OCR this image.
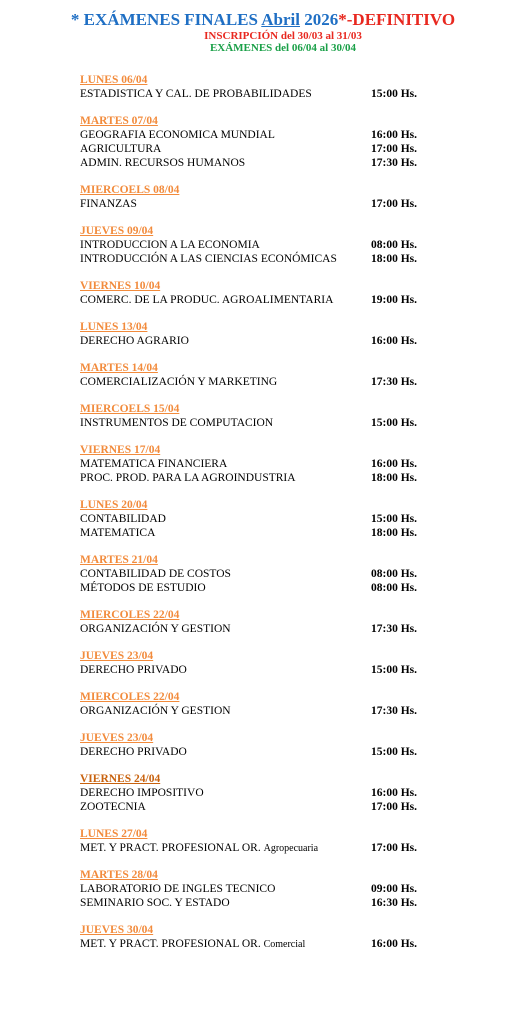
* EXÁMENES FINALES Abril 2026*-DEFINITIVO
INSCRIPCIÓN del 30/03 al 31/03
EXÁMENES del 06/04 al 30/04
LUNES 06/04
ESTADISTICA Y CAL. DE PROBABILIDADES	15:00 Hs.
MARTES 07/04
GEOGRAFIA ECONOMICA MUNDIAL	16:00 Hs.
AGRICULTURA	17:00 Hs.
ADMIN. RECURSOS HUMANOS	17:30 Hs.
MIERCOELS 08/04
FINANZAS	17:00 Hs.
JUEVES 09/04
INTRODUCCION A LA ECONOMIA	08:00 Hs.
INTRODUCCIÓN A LAS CIENCIAS ECONÓMICAS	18:00 Hs.
VIERNES 10/04
COMERC. DE LA PRODUC. AGROALIMENTARIA	19:00 Hs.
LUNES 13/04
DERECHO AGRARIO	16:00 Hs.
MARTES 14/04
COMERCIALIZACIÓN Y MARKETING	17:30 Hs.
MIERCOELS 15/04
INSTRUMENTOS DE COMPUTACION	15:00 Hs.
VIERNES 17/04
MATEMATICA FINANCIERA	16:00 Hs.
PROC. PROD. PARA LA AGROINDUSTRIA	18:00 Hs.
LUNES 20/04
CONTABILIDAD	15:00 Hs.
MATEMATICA	18:00 Hs.
MARTES 21/04
CONTABILIDAD DE COSTOS	08:00 Hs.
MÉTODOS DE ESTUDIO	08:00 Hs.
MIERCOLES 22/04
ORGANIZACIÓN Y GESTION	17:30 Hs.
JUEVES 23/04
DERECHO PRIVADO	15:00 Hs.
MIERCOLES 22/04
ORGANIZACIÓN Y GESTION	17:30 Hs.
JUEVES 23/04
DERECHO PRIVADO	15:00 Hs.
VIERNES 24/04
DERECHO IMPOSITIVO	16:00 Hs.
ZOOTECNIA	17:00 Hs.
LUNES 27/04
MET. Y PRACT. PROFESIONAL OR. Agropecuaria	17:00 Hs.
MARTES 28/04
LABORATORIO DE INGLES TECNICO	09:00 Hs.
SEMINARIO SOC. Y ESTADO	16:30 Hs.
JUEVES 30/04
MET. Y PRACT. PROFESIONAL OR. Comercial	16:00 Hs.
